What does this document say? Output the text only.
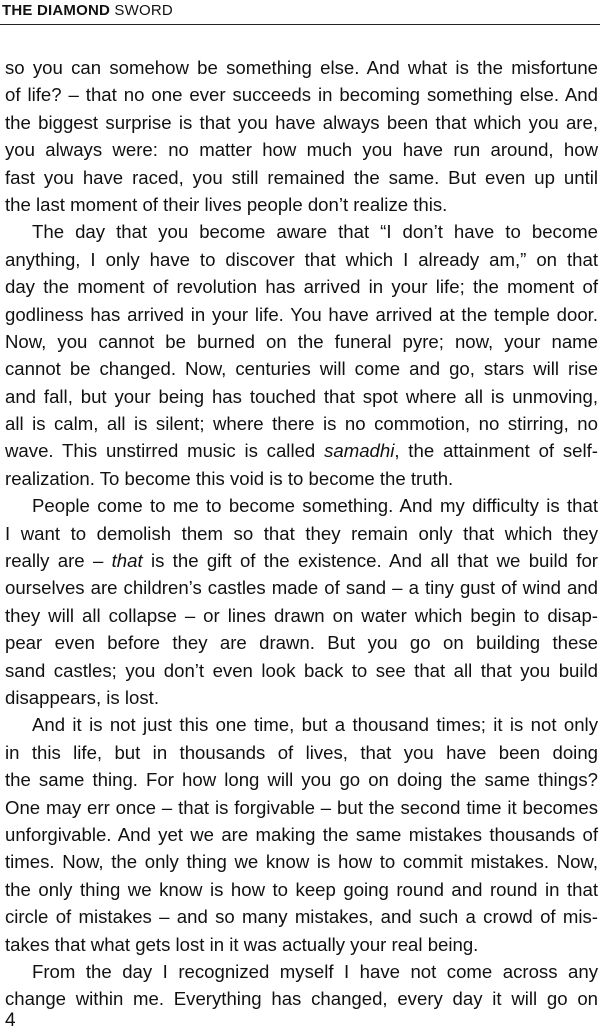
THE DIAMOND SWORD
so you can somehow be something else. And what is the misfortune
of life? – that no one ever succeeds in becoming something else. And
the biggest surprise is that you have always been that which you are,
you always were: no matter how much you have run around, how
fast you have raced, you still remained the same. But even up until
the last moment of their lives people don’t realize this.
The day that you become aware that “I don’t have to become
anything, I only have to discover that which I already am,” on that
day the moment of revolution has arrived in your life; the moment of
godliness has arrived in your life. You have arrived at the temple door.
Now, you cannot be burned on the funeral pyre; now, your name
cannot be changed. Now, centuries will come and go, stars will rise
and fall, but your being has touched that spot where all is unmoving,
all is calm, all is silent; where there is no commotion, no stirring, no
wave. This unstirred music is called samadhi, the attainment of self-
realization. To become this void is to become the truth.
People come to me to become something. And my difficulty is that
I want to demolish them so that they remain only that which they
really are – that is the gift of the existence. And all that we build for
ourselves are children’s castles made of sand – a tiny gust of wind and
they will all collapse – or lines drawn on water which begin to disap-
pear even before they are drawn. But you go on building these
sand castles; you don’t even look back to see that all that you build
disappears, is lost.
And it is not just this one time, but a thousand times; it is not only
in this life, but in thousands of lives, that you have been doing
the same thing. For how long will you go on doing the same things?
One may err once – that is forgivable – but the second time it becomes
unforgivable. And yet we are making the same mistakes thousands of
times. Now, the only thing we know is how to commit mistakes. Now,
the only thing we know is how to keep going round and round in that
circle of mistakes – and so many mistakes, and such a crowd of mis-
takes that what gets lost in it was actually your real being.
From the day I recognized myself I have not come across any
change within me. Everything has changed, every day it will go on
4
